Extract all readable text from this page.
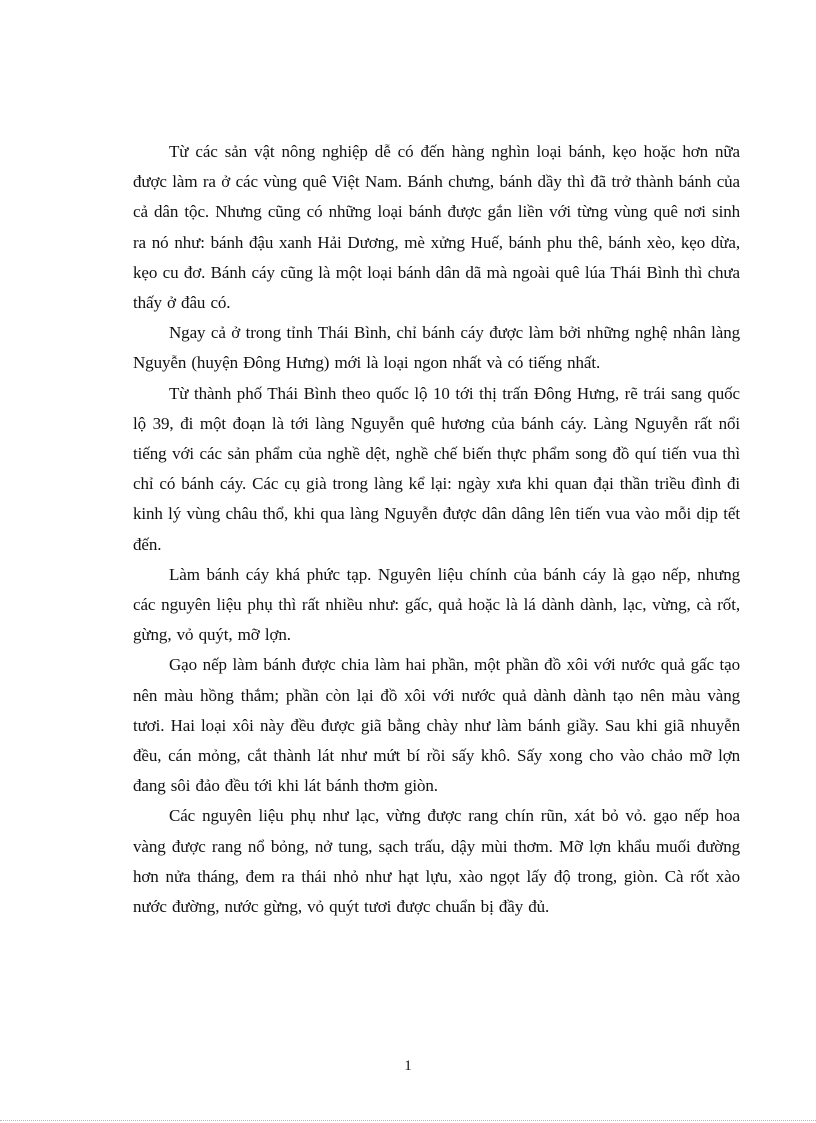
Từ các sản vật nông nghiệp dễ có đến hàng nghìn loại bánh, kẹo hoặc hơn nữa được làm ra ở các vùng quê Việt Nam. Bánh chưng, bánh dầy thì đã trở thành bánh của cả dân tộc. Nhưng cũng có những loại bánh được gắn liền với từng vùng quê nơi sinh ra nó như: bánh đậu xanh Hải Dương, mè xửng Huế, bánh phu thê, bánh xèo, kẹo dừa, kẹo cu đơ. Bánh cáy cũng là một loại bánh dân dã mà ngoài quê lúa Thái Bình thì chưa thấy ở đâu có.

Ngay cả ở trong tỉnh Thái Bình, chỉ bánh cáy được làm bởi những nghệ nhân làng Nguyễn (huyện Đông Hưng) mới là loại ngon nhất và có tiếng nhất.

Từ thành phố Thái Bình theo quốc lộ 10 tới thị trấn Đông Hưng, rẽ trái sang quốc lộ 39, đi một đoạn là tới làng Nguyễn quê hương của bánh cáy. Làng Nguyễn rất nổi tiếng với các sản phẩm của nghề dệt, nghề chế biến thực phẩm song đồ quí tiến vua thì chỉ có bánh cáy. Các cụ già trong làng kể lại: ngày xưa khi quan đại thần triều đình đi kinh lý vùng châu thổ, khi qua làng Nguyễn được dân dâng lên tiến vua vào mỗi dịp tết đến.

Làm bánh cáy khá phức tạp. Nguyên liệu chính của bánh cáy là gạo nếp, nhưng các nguyên liệu phụ thì rất nhiều như: gấc, quả hoặc là lá dành dành, lạc, vừng, cà rốt, gừng, vỏ quýt, mỡ lợn.

Gạo nếp làm bánh được chia làm hai phần, một phần đồ xôi với nước quả gấc tạo nên màu hồng thắm; phần còn lại đồ xôi với nước quả dành dành tạo nên màu vàng tươi. Hai loại xôi này đều được giã bằng chày như làm bánh giầy. Sau khi giã nhuyễn đều, cán mỏng, cắt thành lát như mứt bí rồi sấy khô. Sấy xong cho vào chảo mỡ lợn đang sôi đảo đều tới khi lát bánh thơm giòn.

Các nguyên liệu phụ như lạc, vừng được rang chín rũn, xát bỏ vỏ. gạo nếp hoa vàng được rang nổ bỏng, nở tung, sạch trấu, dậy mùi thơm. Mỡ lợn khẩu muối đường hơn nửa tháng, đem ra thái nhỏ như hạt lựu, xào ngọt lấy độ trong, giòn. Cà rốt xào nước đường, nước gừng, vỏ quýt tươi được chuẩn bị đầy đủ.

1
